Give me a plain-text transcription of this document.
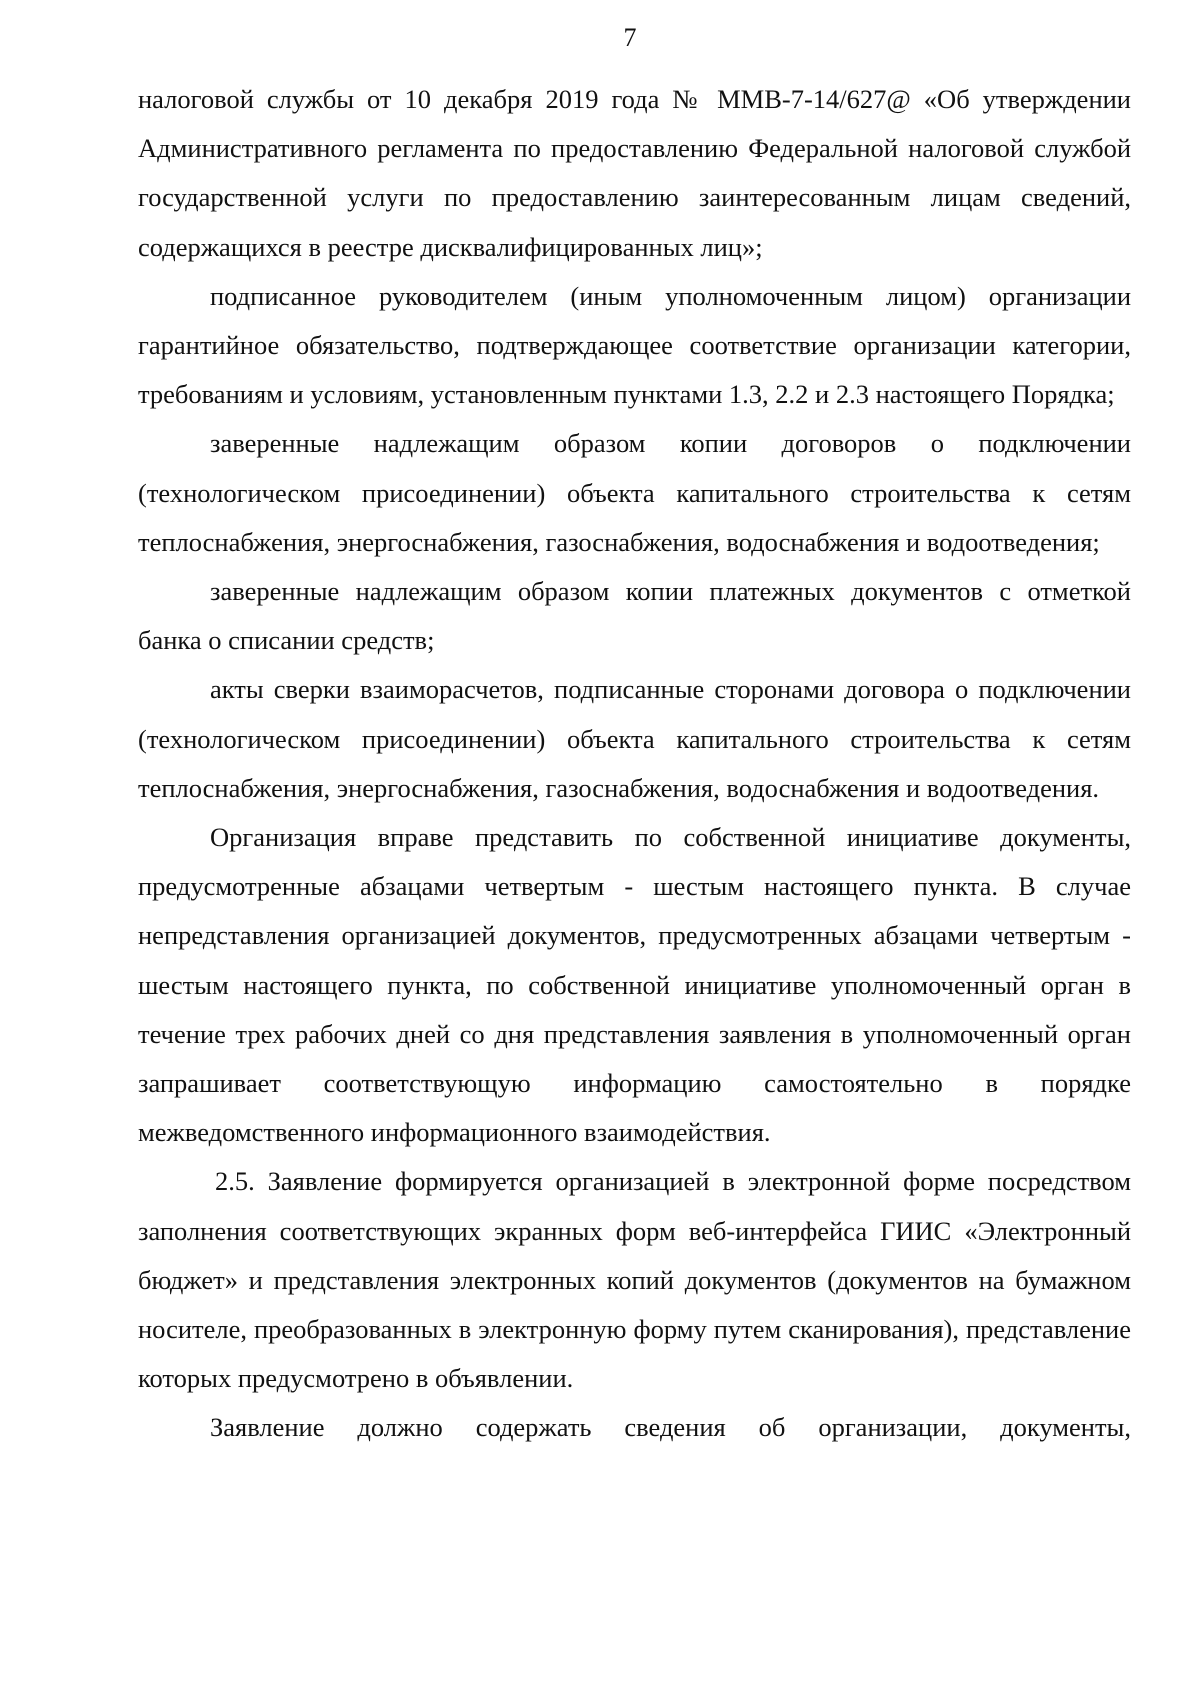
7

налоговой службы от 10 декабря 2019 года № ММВ-7-14/627@ «Об утверждении Административного регламента по предоставлению Федеральной налоговой службой государственной услуги по предоставлению заинтересованным лицам сведений, содержащихся в реестре дисквалифицированных лиц»;

подписанное руководителем (иным уполномоченным лицом) организации гарантийное обязательство, подтверждающее соответствие организации категории, требованиям и условиям, установленным пунктами 1.3, 2.2 и 2.3 настоящего Порядка;

заверенные надлежащим образом копии договоров о подключении (технологическом присоединении) объекта капитального строительства к сетям теплоснабжения, энергоснабжения, газоснабжения, водоснабжения и водоотведения;

заверенные надлежащим образом копии платежных документов с отметкой банка о списании средств;

акты сверки взаиморасчетов, подписанные сторонами договора о подключении (технологическом присоединении) объекта капитального строительства к сетям теплоснабжения, энергоснабжения, газоснабжения, водоснабжения и водоотведения.

Организация вправе представить по собственной инициативе документы, предусмотренные абзацами четвертым - шестым настоящего пункта. В случае непредставления организацией документов, предусмотренных абзацами четвертым - шестым настоящего пункта, по собственной инициативе уполномоченный орган в течение трех рабочих дней со дня представления заявления в уполномоченный орган запрашивает соответствующую информацию самостоятельно в порядке межведомственного информационного взаимодействия.

2.5. Заявление формируется организацией в электронной форме посредством заполнения соответствующих экранных форм веб-интерфейса ГИИС «Электронный бюджет» и представления электронных копий документов (документов на бумажном носителе, преобразованных в электронную форму путем сканирования), представление которых предусмотрено в объявлении.

Заявление должно содержать сведения об организации, документы,
